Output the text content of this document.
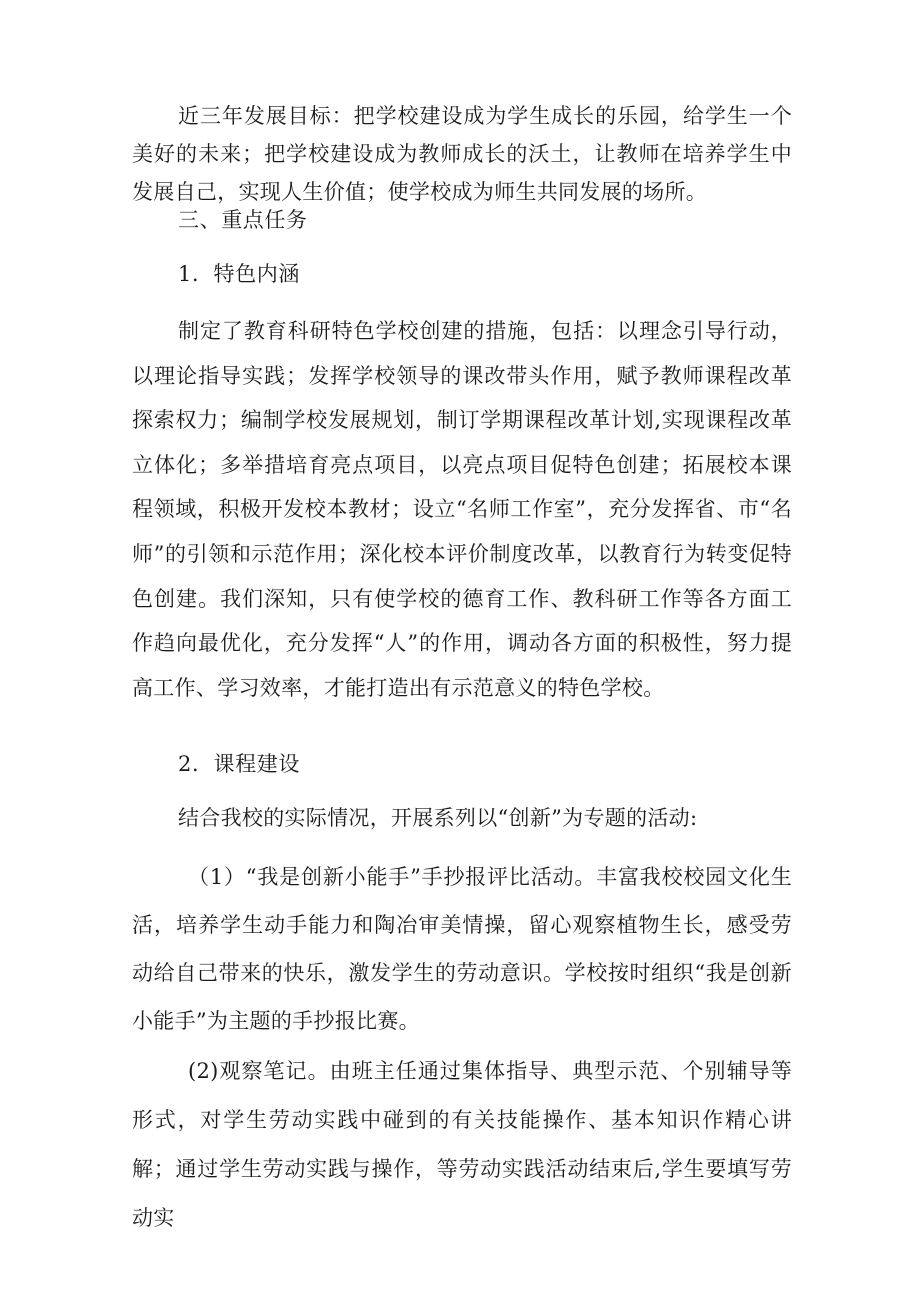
近三年发展目标：把学校建设成为学生成长的乐园，给学生一个美好的未来；把学校建设成为教师成长的沃土，让教师在培养学生中发展自己，实现人生价值；使学校成为师生共同发展的场所。

三、重点任务

1．特色内涵

制定了教育科研特色学校创建的措施，包括：以理念引导行动，以理论指导实践；发挥学校领导的课改带头作用，赋予教师课程改革探索权力；编制学校发展规划，制订学期课程改革计划,实现课程改革立体化；多举措培育亮点项目，以亮点项目促特色创建；拓展校本课程领域，积极开发校本教材；设立“名师工作室”，充分发挥省、市“名师”的引领和示范作用；深化校本评价制度改革，以教育行为转变促特色创建。我们深知，只有使学校的德育工作、教科研工作等各方面工作趋向最优化，充分发挥“人”的作用，调动各方面的积极性，努力提高工作、学习效率，才能打造出有示范意义的特色学校。

2．课程建设

结合我校的实际情况，开展系列以“创新”为专题的活动:

（1）“我是创新小能手”手抄报评比活动。丰富我校校园文化生活，培养学生动手能力和陶冶审美情操，留心观察植物生长，感受劳动给自己带来的快乐，激发学生的劳动意识。学校按时组织“我是创新小能手”为主题的手抄报比赛。

(2)观察笔记。由班主任通过集体指导、典型示范、个别辅导等形式，对学生劳动实践中碰到的有关技能操作、基本知识作精心讲解；通过学生劳动实践与操作，等劳动实践活动结束后,学生要填写劳动实
